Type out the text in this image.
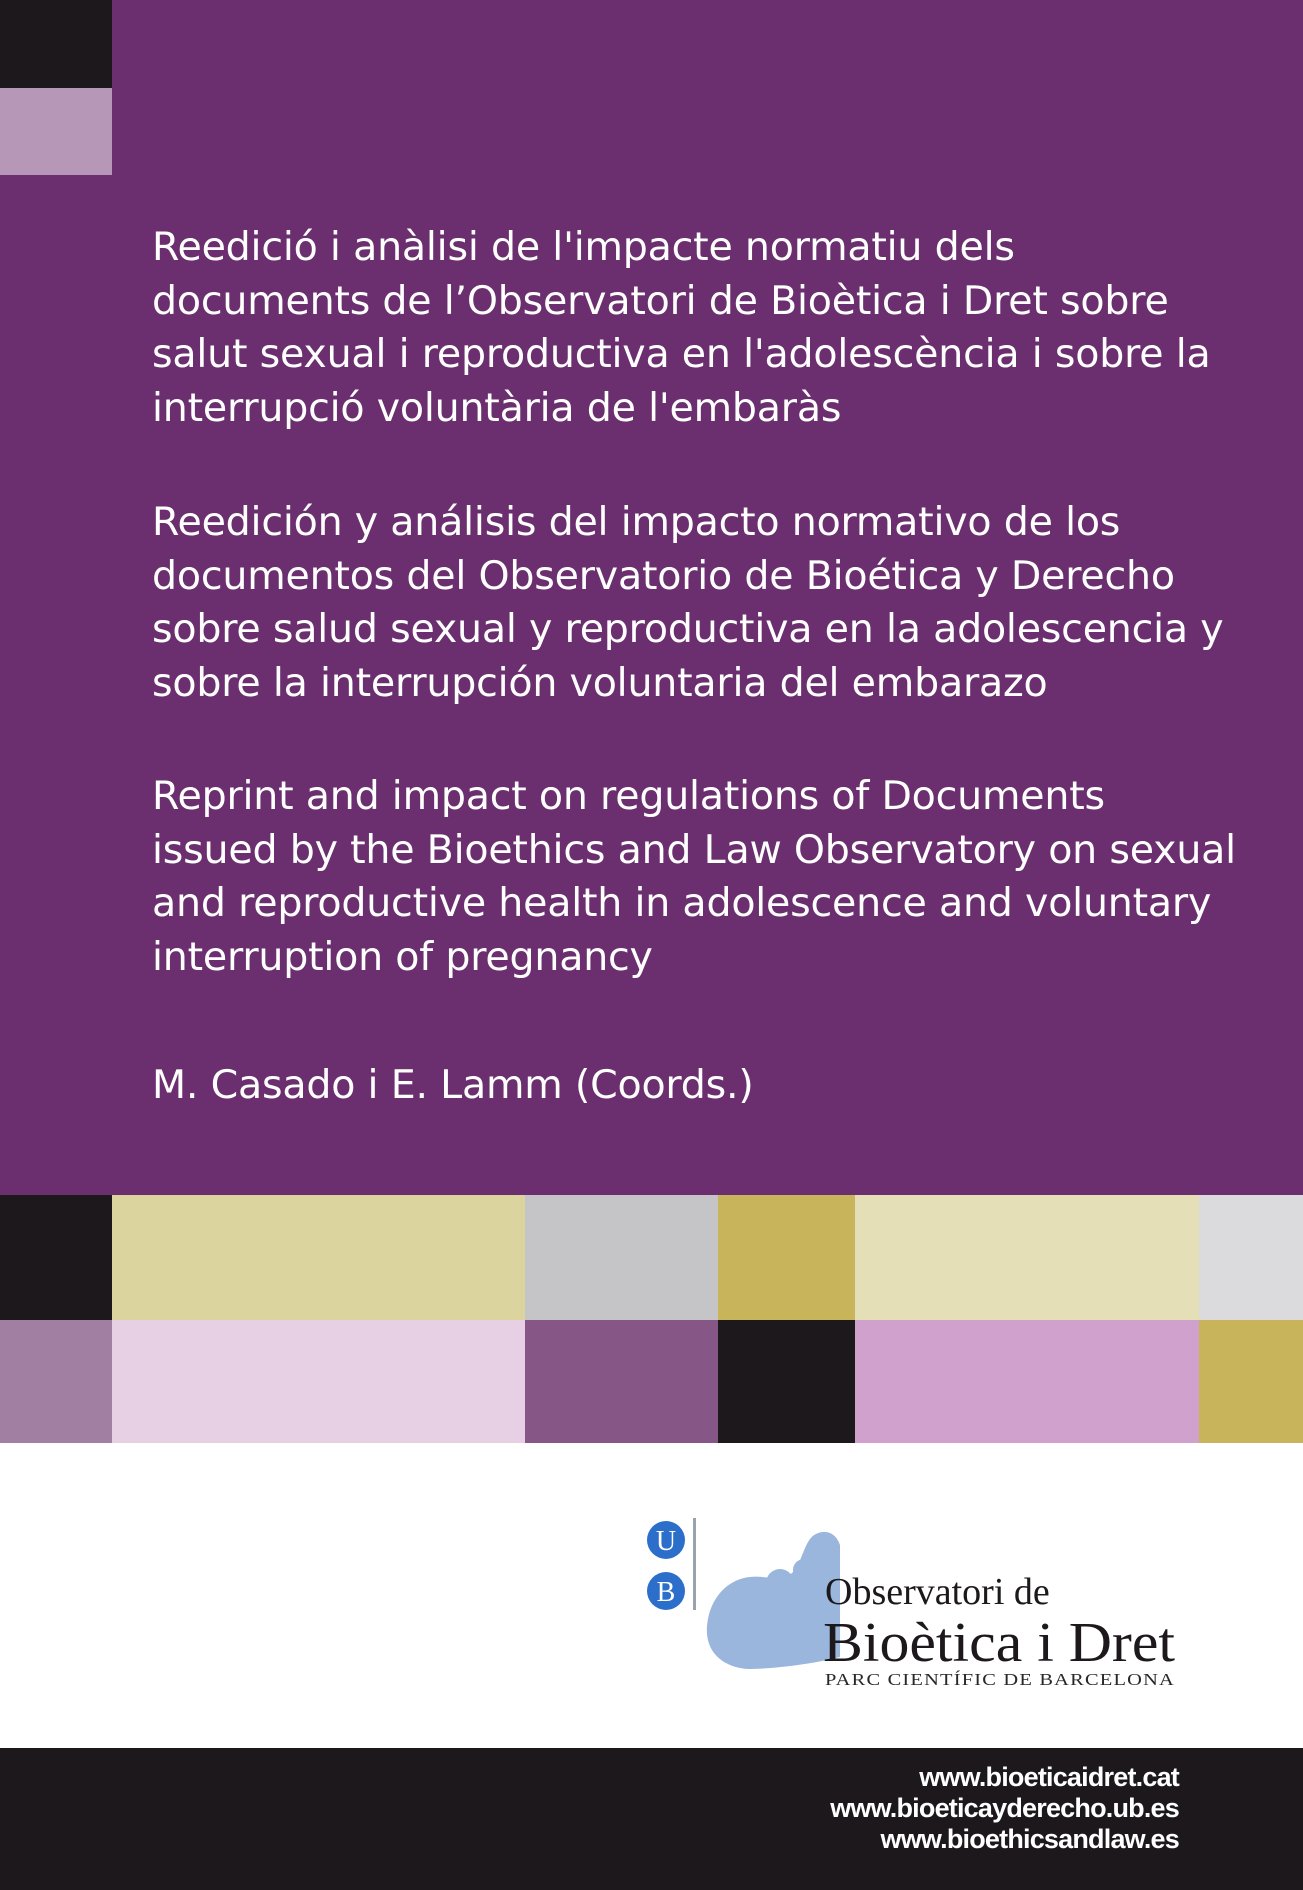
Reedició i anàlisi de l'impacte normatiu dels
documents de l’Observatori de Bioètica i Dret sobre
salut sexual i reproductiva en l'adolescència i sobre la
interrupció voluntària de l'embaràs

Reedición y análisis del impacto normativo de los
documentos del Observatorio de Bioética y Derecho
sobre salud sexual y reproductiva en la adolescencia y
sobre la interrupción voluntaria del embarazo

Reprint and impact on regulations of Documents
issued by the Bioethics and Law Observatory on sexual
and reproductive health in adolescence and voluntary
interruption of pregnancy

M. Casado i E. Lamm (Coords.)

U
B	Observatori de
Bioètica i Dret
PARC CIENTÍFIC DE BARCELONA
www.bioeticaidret.cat
www.bioeticayderecho.ub.es
www.bioethicsandlaw.es
